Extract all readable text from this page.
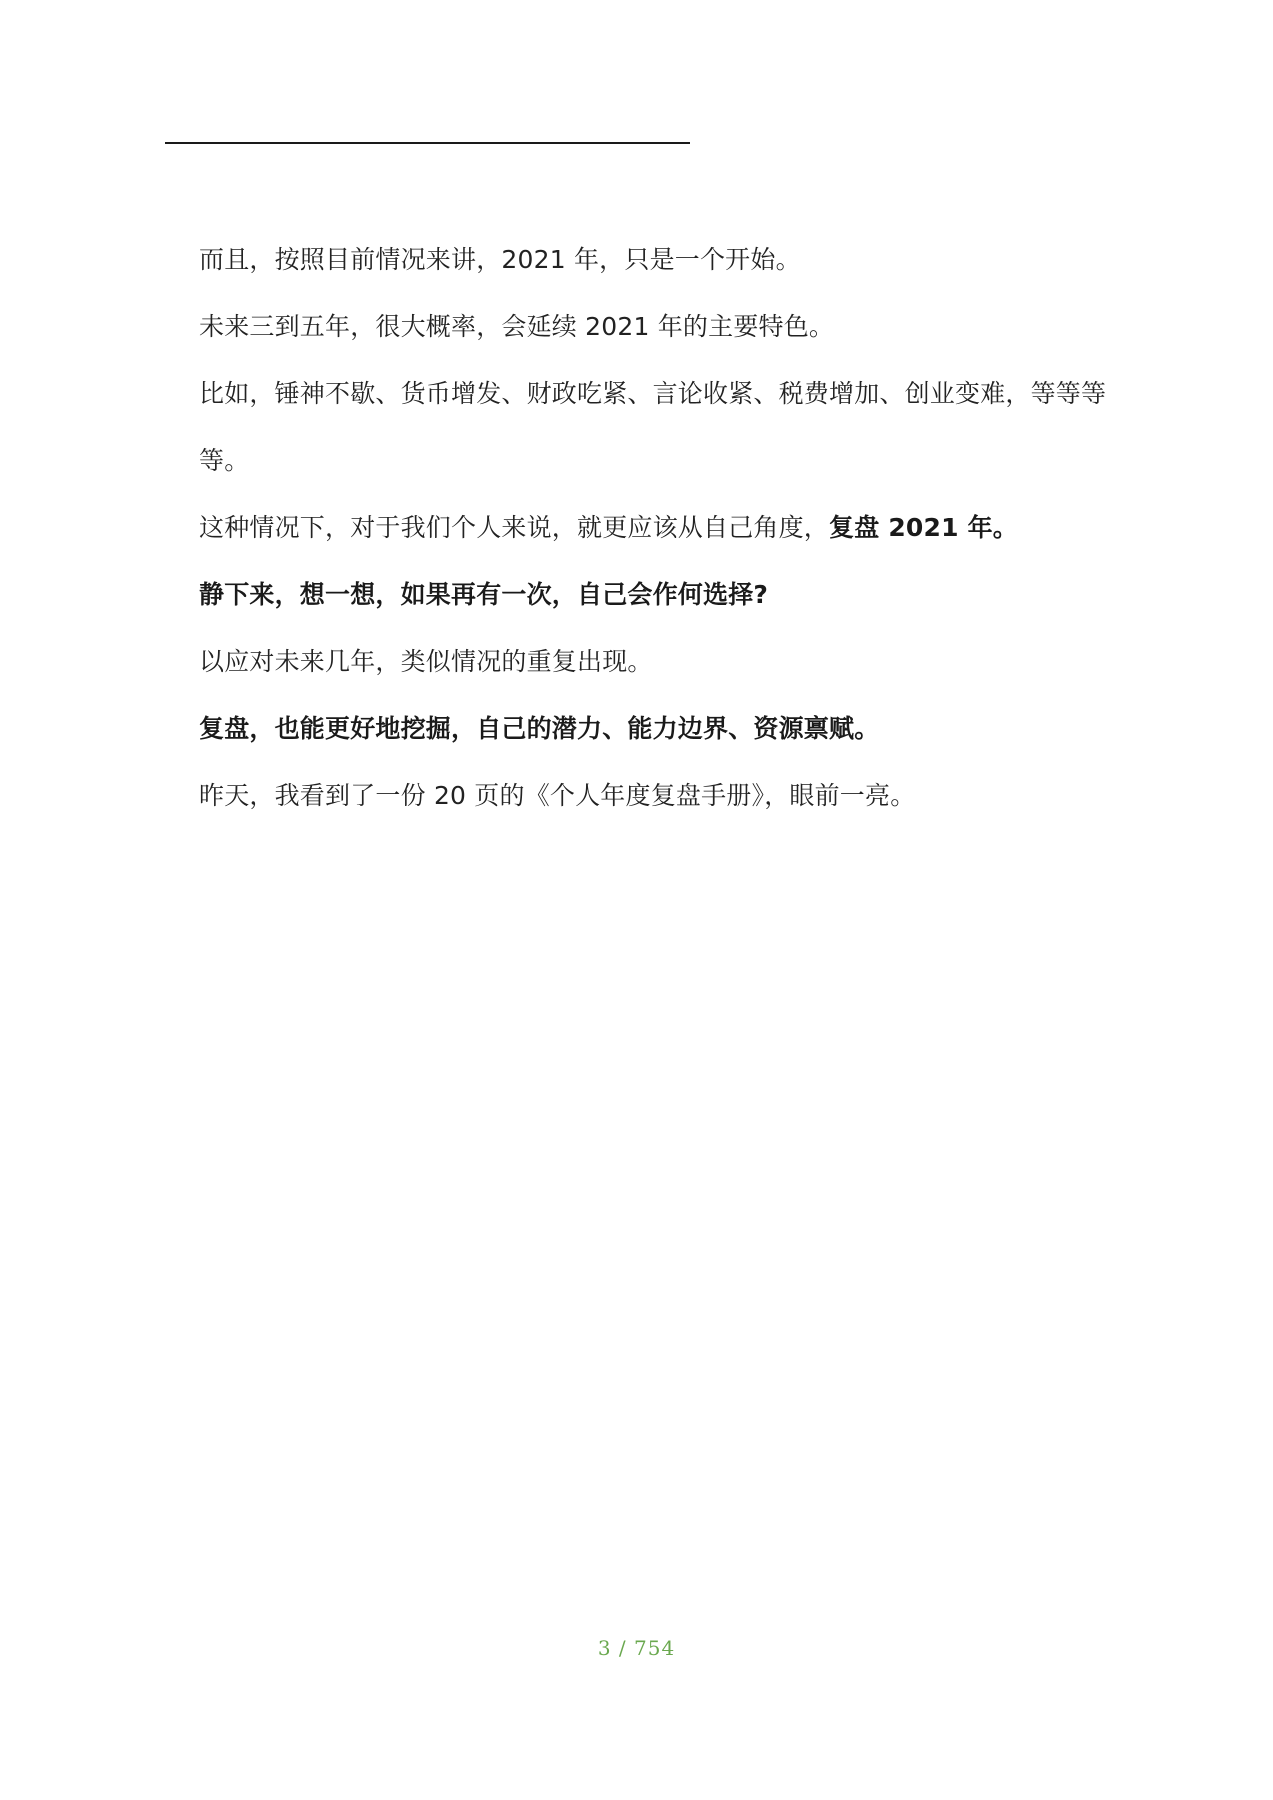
而且，按照目前情况来讲，2021 年，只是一个开始。

未来三到五年，很大概率，会延续 2021 年的主要特色。

比如，锤神不歇、货币增发、财政吃紧、言论收紧、税费增加、创业变难，等等等等。

这种情况下，对于我们个人来说，就更应该从自己角度，复盘 2021 年。

静下来，想一想，如果再有一次，自己会作何选择?

以应对未来几年，类似情况的重复出现。

复盘，也能更好地挖掘，自己的潜力、能力边界、资源禀赋。

昨天，我看到了一份 20 页的《个人年度复盘手册》，眼前一亮。

3 / 754
